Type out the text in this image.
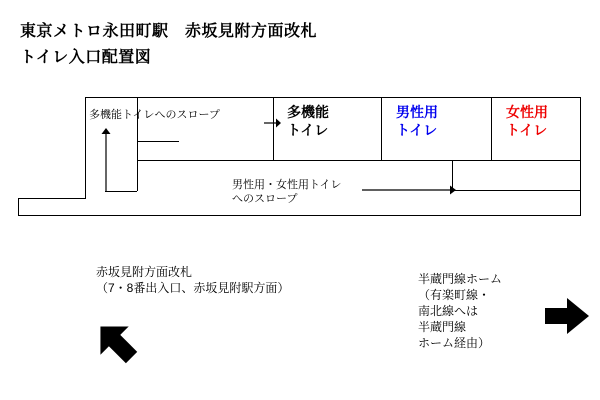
東京メトロ永田町駅　赤坂見附方面改札
トイレ入口配置図
多機能
トイレ
男性用
トイレ
女性用
トイレ
多機能トイレへのスロープ
男性用・女性用トイレ
へのスロープ
赤坂見附方面改札
（7・8番出入口、赤坂見附駅方面）
半蔵門線ホーム
（有楽町線・
南北線へは
半蔵門線
ホーム経由）
